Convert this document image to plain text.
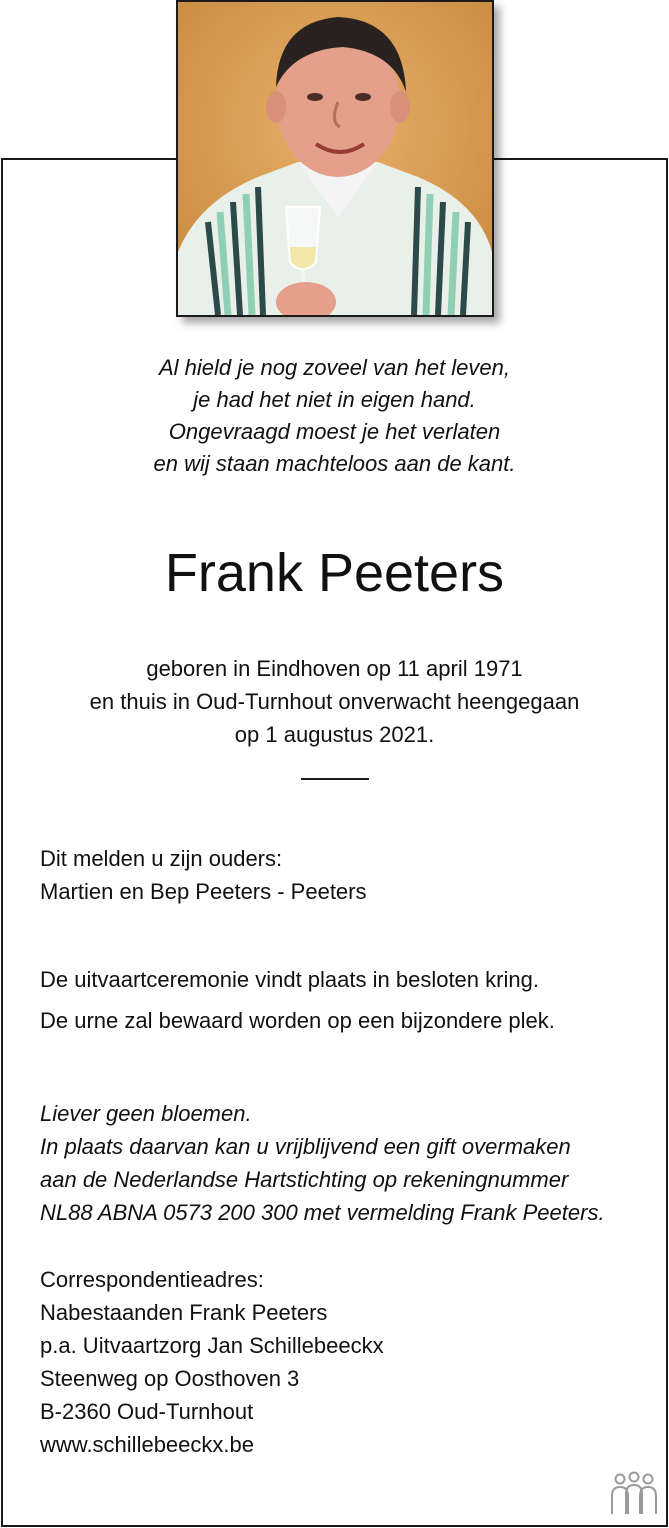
Al hield je nog zoveel van het leven,
je had het niet in eigen hand.
Ongevraagd moest je het verlaten
en wij staan machteloos aan de kant.
Frank Peeters
geboren in Eindhoven op 11 april 1971
en thuis in Oud-Turnhout onverwacht heengegaan
op 1 augustus 2021.
Dit melden u zijn ouders:
Martien en Bep Peeters - Peeters
De uitvaartceremonie vindt plaats in besloten kring.
De urne zal bewaard worden op een bijzondere plek.
Liever geen bloemen.
In plaats daarvan kan u vrijblijvend een gift overmaken
aan de Nederlandse Hartstichting op rekeningnummer
NL88 ABNA 0573 200 300 met vermelding Frank Peeters.
Correspondentieadres:
Nabestaanden Frank Peeters
p.a. Uitvaartzorg Jan Schillebeeckx
Steenweg op Oosthoven 3
B-2360 Oud-Turnhout
www.schillebeeckx.be
